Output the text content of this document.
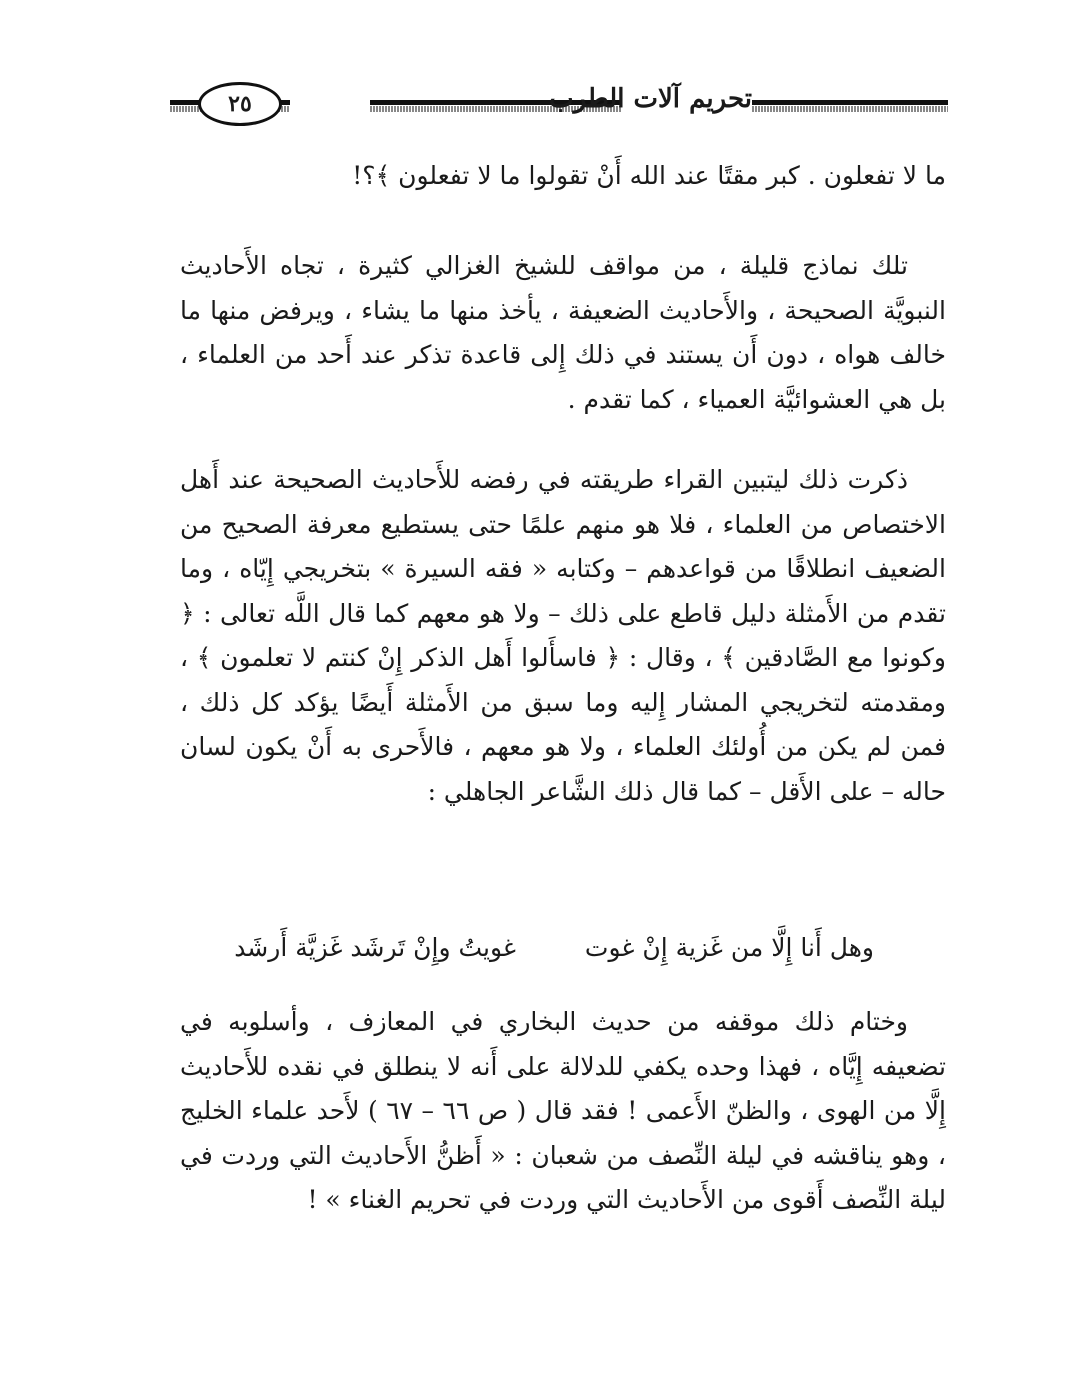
٢٥	تحريم آلات الطرب
ما لا تفعلون . كبر مقتًا عند الله أَنْ تقولوا ما لا تفعلون ﴾؟!
تلك نماذج قليلة ، من مواقف للشيخ الغزالي كثيرة ، تجاه الأَحاديث النبويَّة الصحيحة ، والأَحاديث الضعيفة ، يأخذ منها ما يشاء ، ويرفض منها ما خالف هواه ، دون أَن يستند في ذلك إِلى قاعدة تذكر عند أَحد من العلماء ، بل هي العشوائيَّة العمياء ، كما تقدم .
ذكرت ذلك ليتبين القراء طريقته في رفضه للأَحاديث الصحيحة عند أَهل الاختصاص من العلماء ، فلا هو منهم علمًا حتى يستطيع معرفة الصحيح من الضعيف انطلاقًا من قواعدهم – وكتابه « فقه السيرة » بتخريجي إِيّاه ، وما تقدم من الأَمثلة دليل قاطع على ذلك – ولا هو معهم كما قال اللَّه تعالى : ﴿ وكونوا مع الصَّادقين ﴾ ، وقال : ﴿ فاسأَلوا أَهل الذكر إِنْ كنتم لا تعلمون ﴾ ، ومقدمته لتخريجي المشار إِليه وما سبق من الأَمثلة أَيضًا يؤكد كل ذلك ، فمن لم يكن من أُولئك العلماء ، ولا هو معهم ، فالأَحرى به أَنْ يكون لسان حاله – على الأَقل – كما قال ذلك الشَّاعر الجاهلي :
وهل أَنا إِلَّا من غَزية إِنْ غوت
غويتُ وإِنْ تَرشَد غَزيَّة أَرشَد
وختام ذلك موقفه من حديث البخاري في المعازف ، وأسلوبه في تضعيفه إِيَّاه ، فهذا وحده يكفي للدلالة على أَنه لا ينطلق في نقده للأَحاديث إِلَّا من الهوى ، والظنّ الأَعمى ! فقد قال ( ص ٦٦ – ٦٧ ) لأَحد علماء الخليج ، وهو يناقشه في ليلة النِّصف من شعبان : « أَظنُّ الأَحاديث التي وردت في ليلة النِّصف أَقوى من الأَحاديث التي وردت في تحريم الغناء » !
